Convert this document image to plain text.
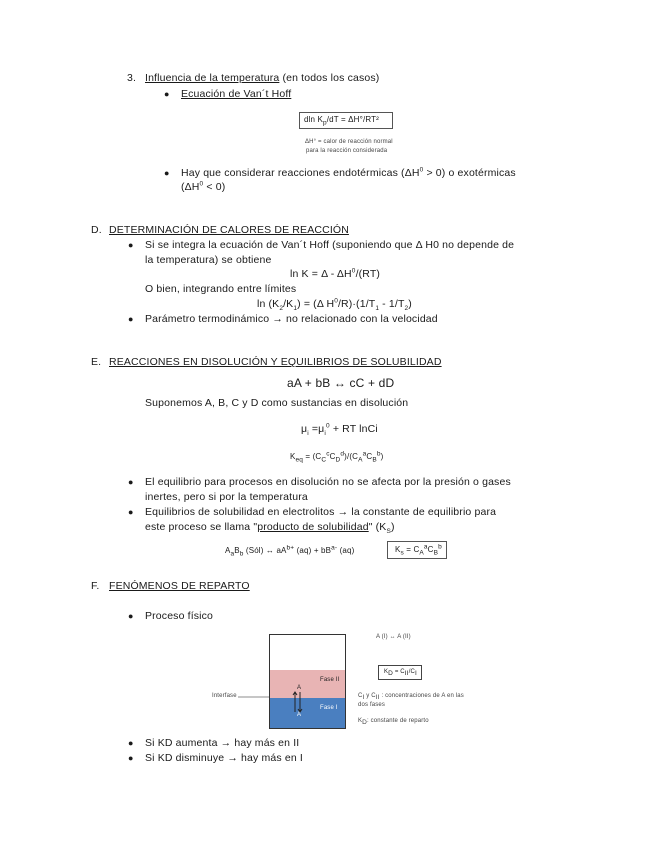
3. Influencia de la temperatura (en todos los casos)
● Ecuación de Van´t Hoff
dln $K_p/dT = \Delta H^\circ/RT^2$
ΔH° = calor de reacción normal
para la reacción considerada
● Hay que considerar reacciones endotérmicas $(\Delta H^0 > 0)$ o exotérmicas
$(\Delta H^0 < 0)$
D. DETERMINACIÓN DE CALORES DE REACCIÓN
● Si se integra la ecuación de Van´t Hoff (suponiendo que Δ H0 no depende de
la temperatura) se obtiene
$\ln K = \Delta - \Delta H^0/(RT)$
O bien, integrando entre límites
$\ln (K_2/K_1) = (\Delta$ $H^0/R)\cdot(1/T_1 - 1/T_2)$
● Parámetro termodinámico → no relacionado con la velocidad
E. REACCIONES EN DISOLUCIÓN Y EQUILIBRIOS DE SOLUBILIDAD
aA + bB ↔ cC + dD
Suponemos A, B, C y D como sustancias en disolución
$\mu_i =\mu_i^0$ + RT lnCi
$K_{eq} = (C_C^cC_D^d)/(C_A^aC_B^b)$
● El equilibrio para procesos en disolución no se afecta por la presión o gases
inertes, pero si por la temperatura
● Equilibrios de solubilidad en electrolitos → la constante de equilibrio para
este proceso se llama "producto de solubilidad" $(K_S)$
$A_aB_b$ (Sól) ↔ $aA^{b+}$ $(aq) + bB^{a-}$ (aq)	$K_s = C_A^aC_B^b$
F. FENÓMENOS DE REPARTO
● Proceso físico
Fase II
Fase I
A
A
Interfase
A (I) ↔ A (II)
$K_D = C_{II}/C_I$
$C_I$ y $C_{II}$ : concentraciones de A en las
dos fases
$K_D$: constante de reparto
● Si KD aumenta → hay más en II
● Si KD disminuye → hay más en I
